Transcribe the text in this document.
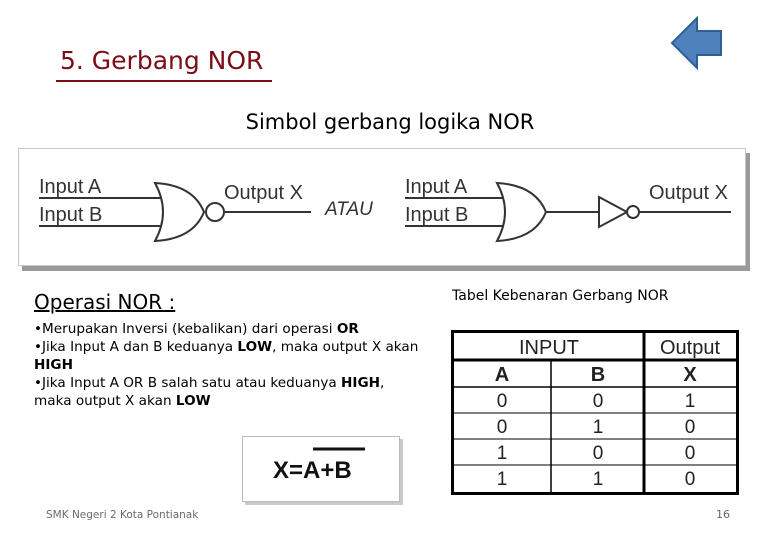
5. Gerbang NOR
Simbol gerbang logika NOR
Input A
Input B
Output X	Input A
Input B
Output X
ATAU
Operasi NOR :

•Merupakan Inversi (kebalikan) dari operasi OR

•Jika Input A dan B keduanya LOW, maka output X akan HIGH

•Jika Input A OR B salah satu atau keduanya HIGH, maka output X akan LOW

X=A+B
Tabel Kebenaran Gerbang NOR
INPUT	Output
A	B	X
0	0	1
0	1	0
1	0	0
1	1	0
SMK Negeri 2 Kota Pontianak	16
